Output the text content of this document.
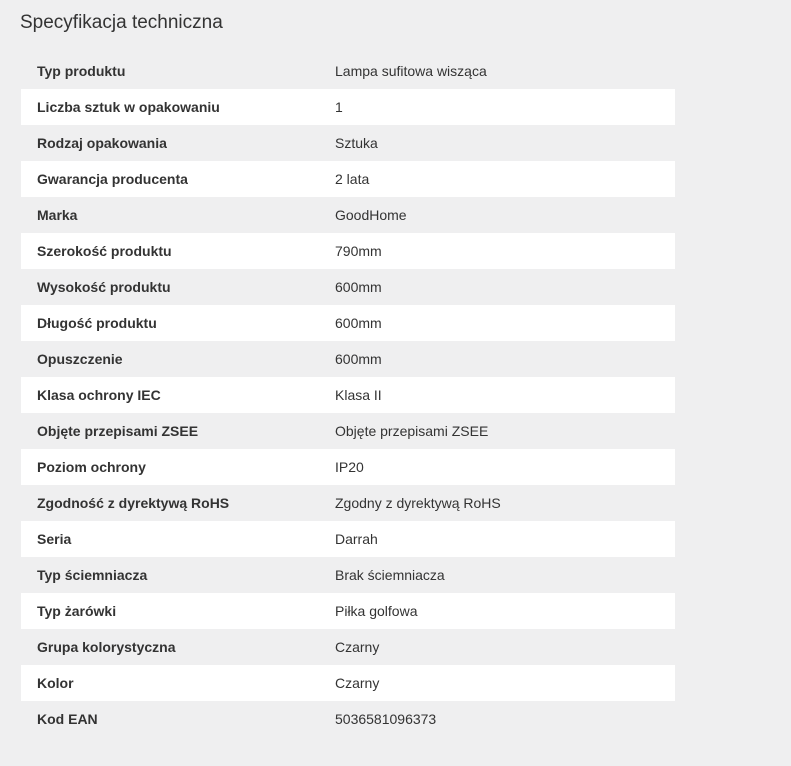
Specyfikacja techniczna
Typ produktu	Lampa sufitowa wisząca
Liczba sztuk w opakowaniu	1
Rodzaj opakowania	Sztuka
Gwarancja producenta	2 lata
Marka	GoodHome
Szerokość produktu	790mm
Wysokość produktu	600mm
Długość produktu	600mm
Opuszczenie	600mm
Klasa ochrony IEC	Klasa II
Objęte przepisami ZSEE	Objęte przepisami ZSEE
Poziom ochrony	IP20
Zgodność z dyrektywą RoHS	Zgodny z dyrektywą RoHS
Seria	Darrah
Typ ściemniacza	Brak ściemniacza
Typ żarówki	Piłka golfowa
Grupa kolorystyczna	Czarny
Kolor	Czarny
Kod EAN	5036581096373
